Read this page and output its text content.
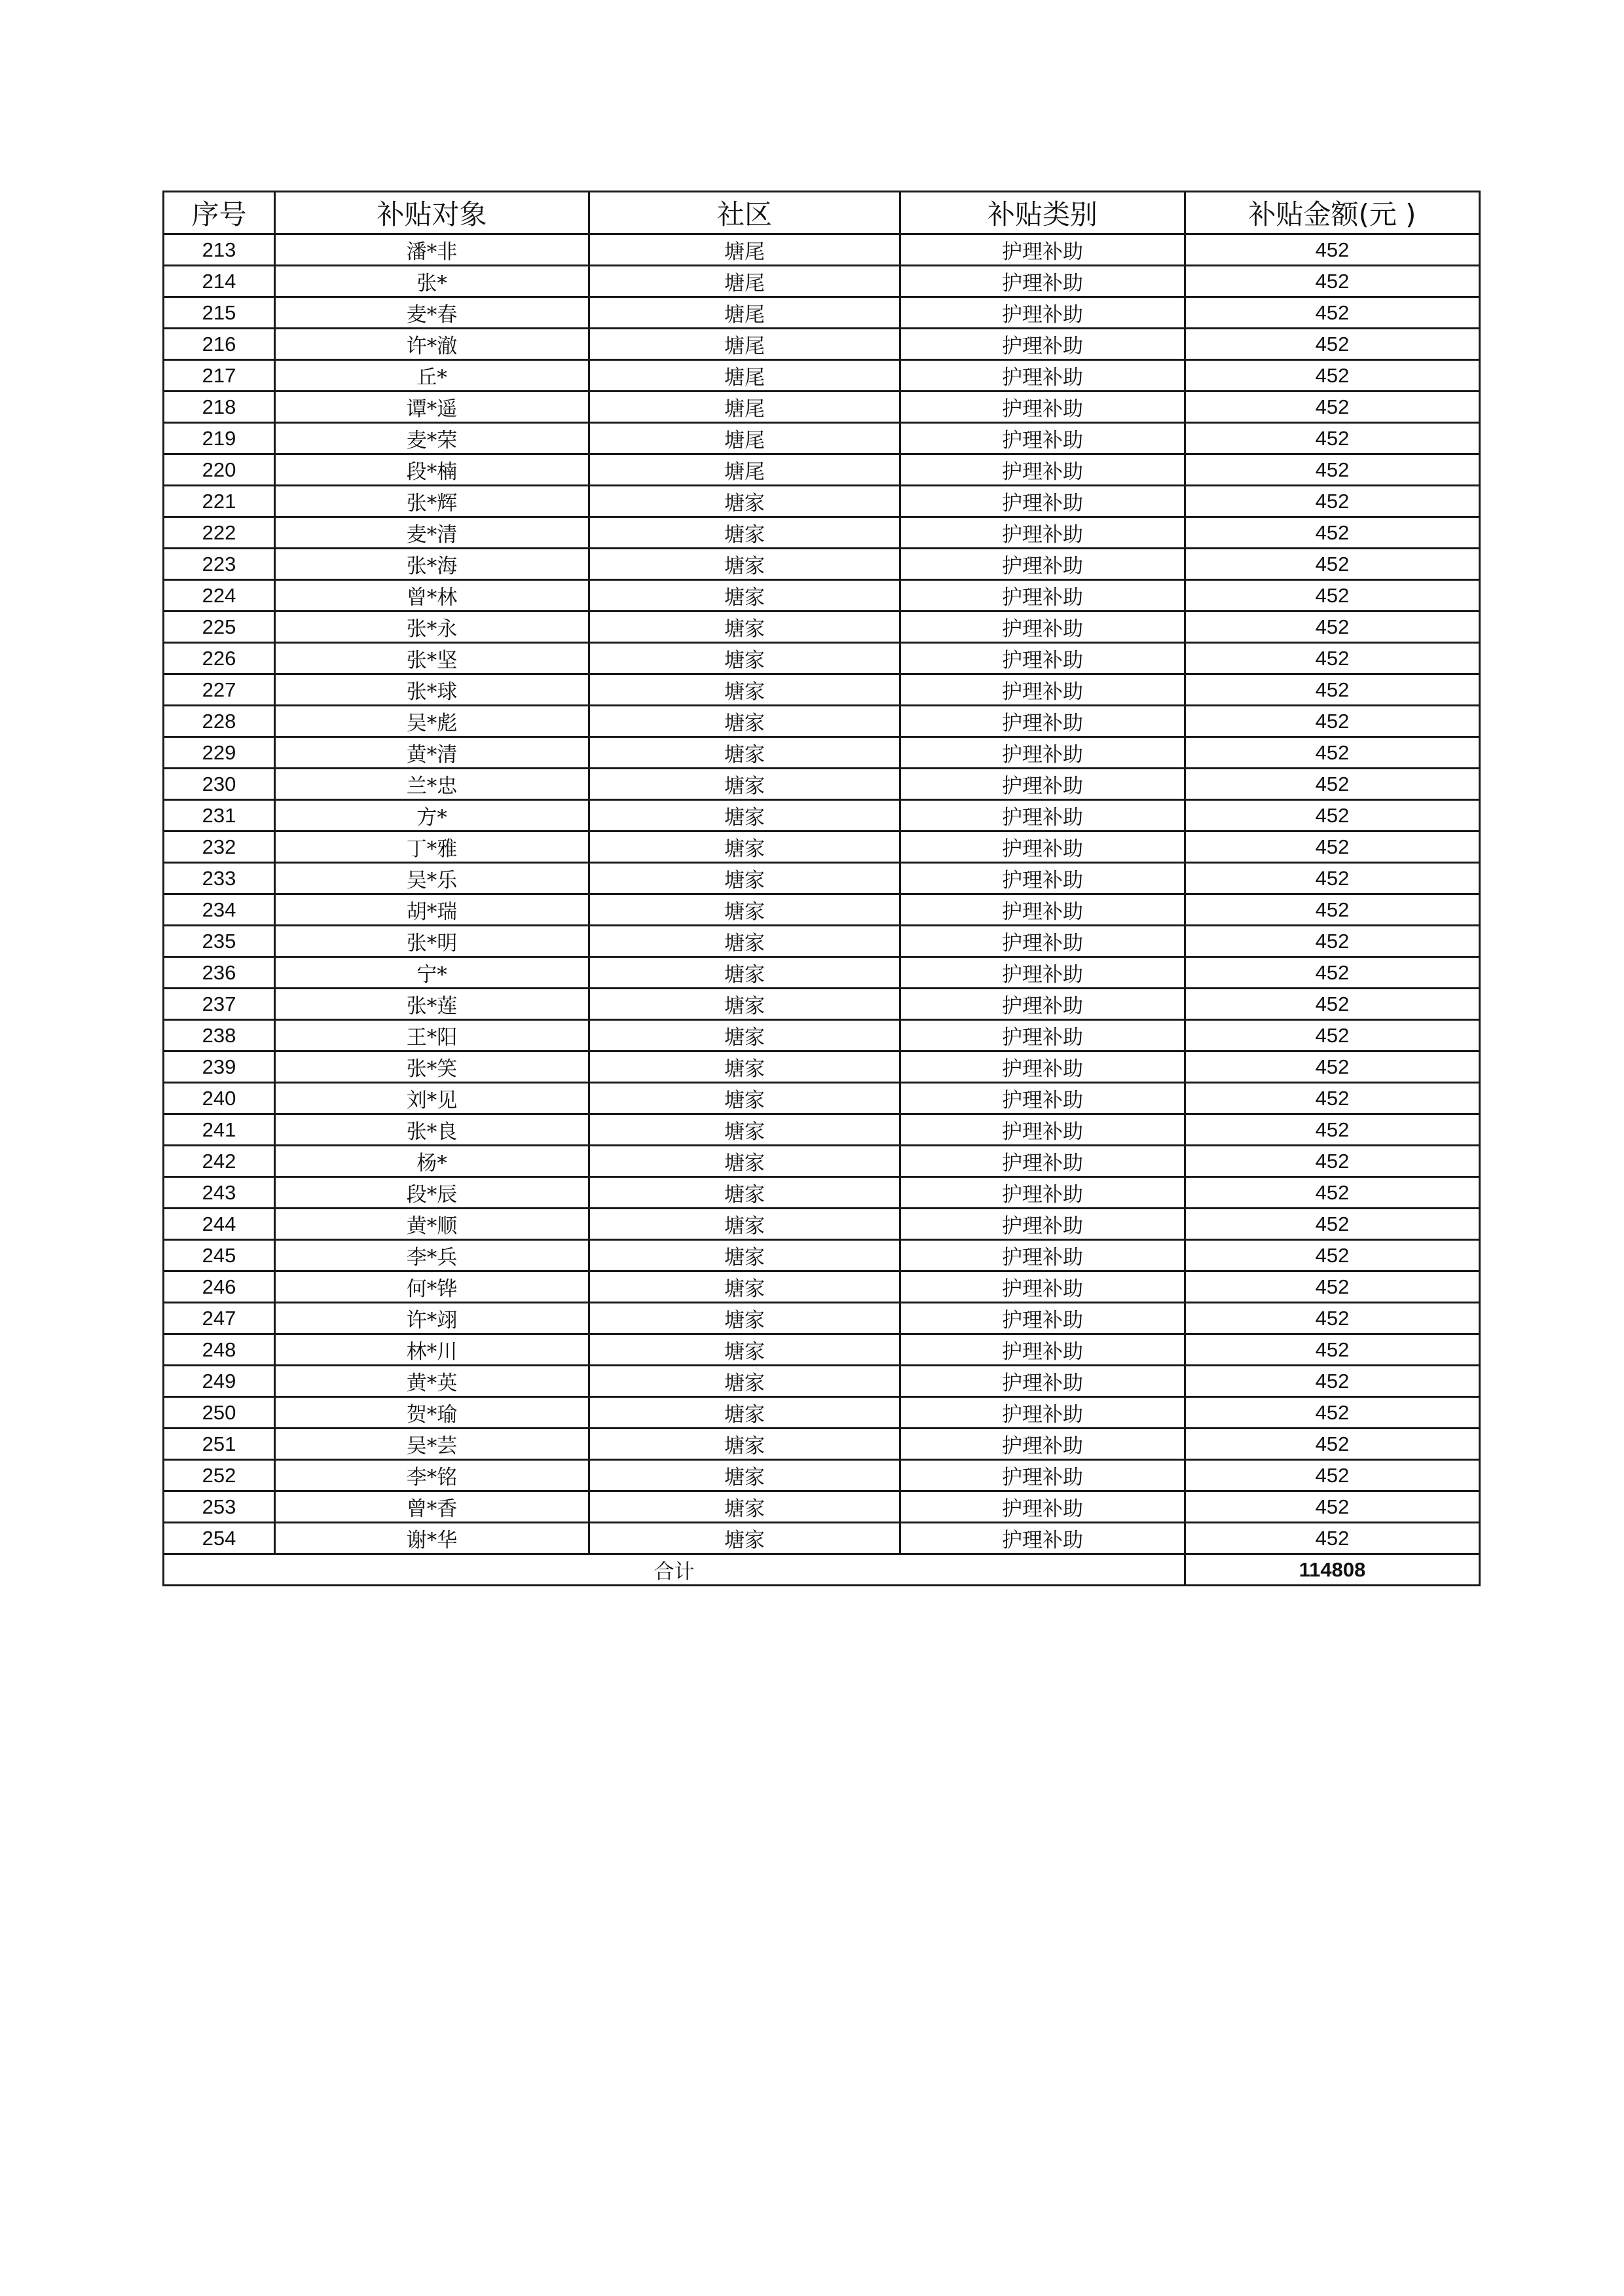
序号	补贴对象	社区	补贴类别	补贴金额(元 )
213	潘*非	塘尾	护理补助	452
214	张*	塘尾	护理补助	452
215	麦*春	塘尾	护理补助	452
216	许*澈	塘尾	护理补助	452
217	丘*	塘尾	护理补助	452
218	谭*遥	塘尾	护理补助	452
219	麦*荣	塘尾	护理补助	452
220	段*楠	塘尾	护理补助	452
221	张*辉	塘家	护理补助	452
222	麦*清	塘家	护理补助	452
223	张*海	塘家	护理补助	452
224	曾*林	塘家	护理补助	452
225	张*永	塘家	护理补助	452
226	张*坚	塘家	护理补助	452
227	张*球	塘家	护理补助	452
228	吴*彪	塘家	护理补助	452
229	黄*清	塘家	护理补助	452
230	兰*忠	塘家	护理补助	452
231	方*	塘家	护理补助	452
232	丁*雅	塘家	护理补助	452
233	吴*乐	塘家	护理补助	452
234	胡*瑞	塘家	护理补助	452
235	张*明	塘家	护理补助	452
236	宁*	塘家	护理补助	452
237	张*莲	塘家	护理补助	452
238	王*阳	塘家	护理补助	452
239	张*笑	塘家	护理补助	452
240	刘*见	塘家	护理补助	452
241	张*良	塘家	护理补助	452
242	杨*	塘家	护理补助	452
243	段*辰	塘家	护理补助	452
244	黄*顺	塘家	护理补助	452
245	李*兵	塘家	护理补助	452
246	何*铧	塘家	护理补助	452
247	许*翊	塘家	护理补助	452
248	林*川	塘家	护理补助	452
249	黄*英	塘家	护理补助	452
250	贺*瑜	塘家	护理补助	452
251	吴*芸	塘家	护理补助	452
252	李*铭	塘家	护理补助	452
253	曾*香	塘家	护理补助	452
254	谢*华	塘家	护理补助	452
合计				114808
